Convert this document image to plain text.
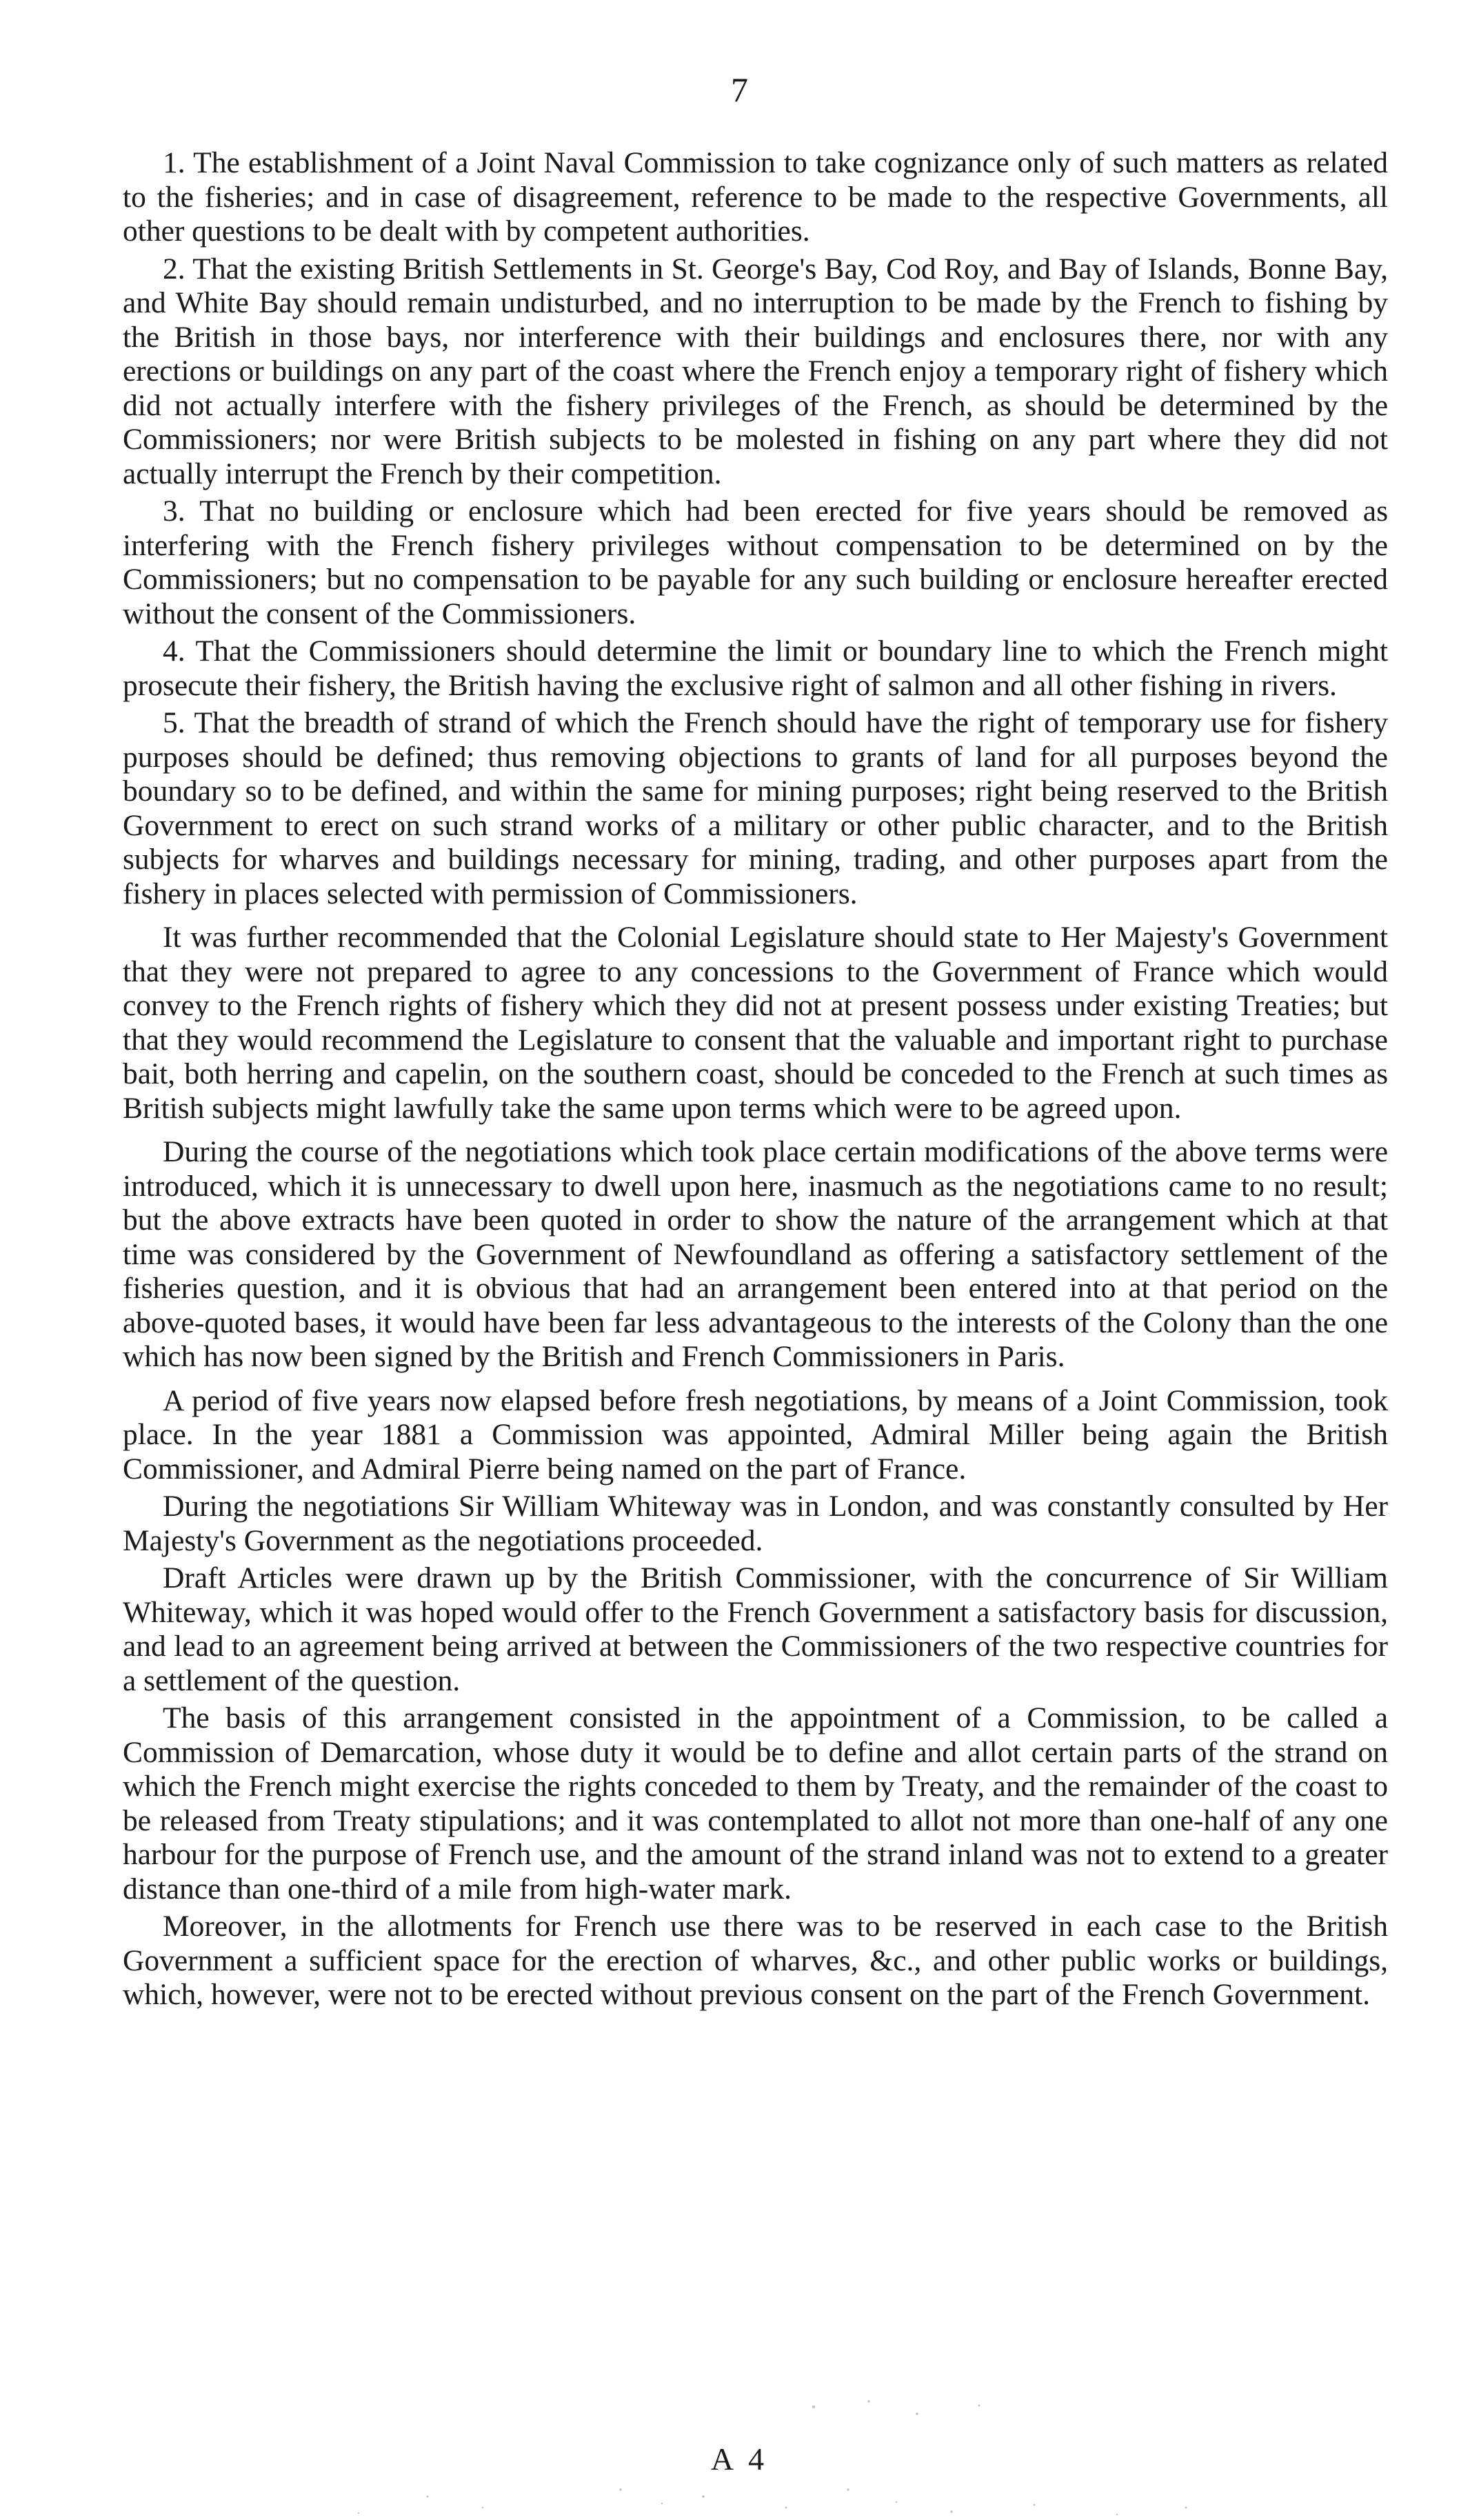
7

1. The establishment of a Joint Naval Commission to take cognizance only of such matters as related to the fisheries; and in case of disagreement, reference to be made to the respective Governments, all other questions to be dealt with by competent authorities.

2. That the existing British Settlements in St. George's Bay, Cod Roy, and Bay of Islands, Bonne Bay, and White Bay should remain undisturbed, and no interruption to be made by the French to fishing by the British in those bays, nor interference with their buildings and enclosures there, nor with any erections or buildings on any part of the coast where the French enjoy a temporary right of fishery which did not actually interfere with the fishery privileges of the French, as should be determined by the Commissioners; nor were British subjects to be molested in fishing on any part where they did not actually interrupt the French by their competition.

3. That no building or enclosure which had been erected for five years should be removed as interfering with the French fishery privileges without compensation to be determined on by the Commissioners; but no compensation to be payable for any such building or enclosure hereafter erected without the consent of the Commissioners.

4. That the Commissioners should determine the limit or boundary line to which the French might prosecute their fishery, the British having the exclusive right of salmon and all other fishing in rivers.

5. That the breadth of strand of which the French should have the right of temporary use for fishery purposes should be defined; thus removing objections to grants of land for all purposes beyond the boundary so to be defined, and within the same for mining purposes; right being reserved to the British Government to erect on such strand works of a military or other public character, and to the British subjects for wharves and buildings necessary for mining, trading, and other purposes apart from the fishery in places selected with permission of Commissioners.

It was further recommended that the Colonial Legislature should state to Her Majesty's Government that they were not prepared to agree to any concessions to the Government of France which would convey to the French rights of fishery which they did not at present possess under existing Treaties; but that they would recommend the Legislature to consent that the valuable and important right to purchase bait, both herring and capelin, on the southern coast, should be conceded to the French at such times as British subjects might lawfully take the same upon terms which were to be agreed upon.

During the course of the negotiations which took place certain modifications of the above terms were introduced, which it is unnecessary to dwell upon here, inasmuch as the negotiations came to no result; but the above extracts have been quoted in order to show the nature of the arrangement which at that time was considered by the Government of Newfoundland as offering a satisfactory settlement of the fisheries question, and it is obvious that had an arrangement been entered into at that period on the above-quoted bases, it would have been far less advantageous to the interests of the Colony than the one which has now been signed by the British and French Commissioners in Paris.

A period of five years now elapsed before fresh negotiations, by means of a Joint Commission, took place. In the year 1881 a Commission was appointed, Admiral Miller being again the British Commissioner, and Admiral Pierre being named on the part of France.

During the negotiations Sir William Whiteway was in London, and was constantly consulted by Her Majesty's Government as the negotiations proceeded.

Draft Articles were drawn up by the British Commissioner, with the concurrence of Sir William Whiteway, which it was hoped would offer to the French Government a satisfactory basis for discussion, and lead to an agreement being arrived at between the Commissioners of the two respective countries for a settlement of the question.

The basis of this arrangement consisted in the appointment of a Commission, to be called a Commission of Demarcation, whose duty it would be to define and allot certain parts of the strand on which the French might exercise the rights conceded to them by Treaty, and the remainder of the coast to be released from Treaty stipulations; and it was contemplated to allot not more than one-half of any one harbour for the purpose of French use, and the amount of the strand inland was not to extend to a greater distance than one-third of a mile from high-water mark.

Moreover, in the allotments for French use there was to be reserved in each case to the British Government a sufficient space for the erection of wharves, &c., and other public works or buildings, which, however, were not to be erected without previous consent on the part of the French Government.

A 4
